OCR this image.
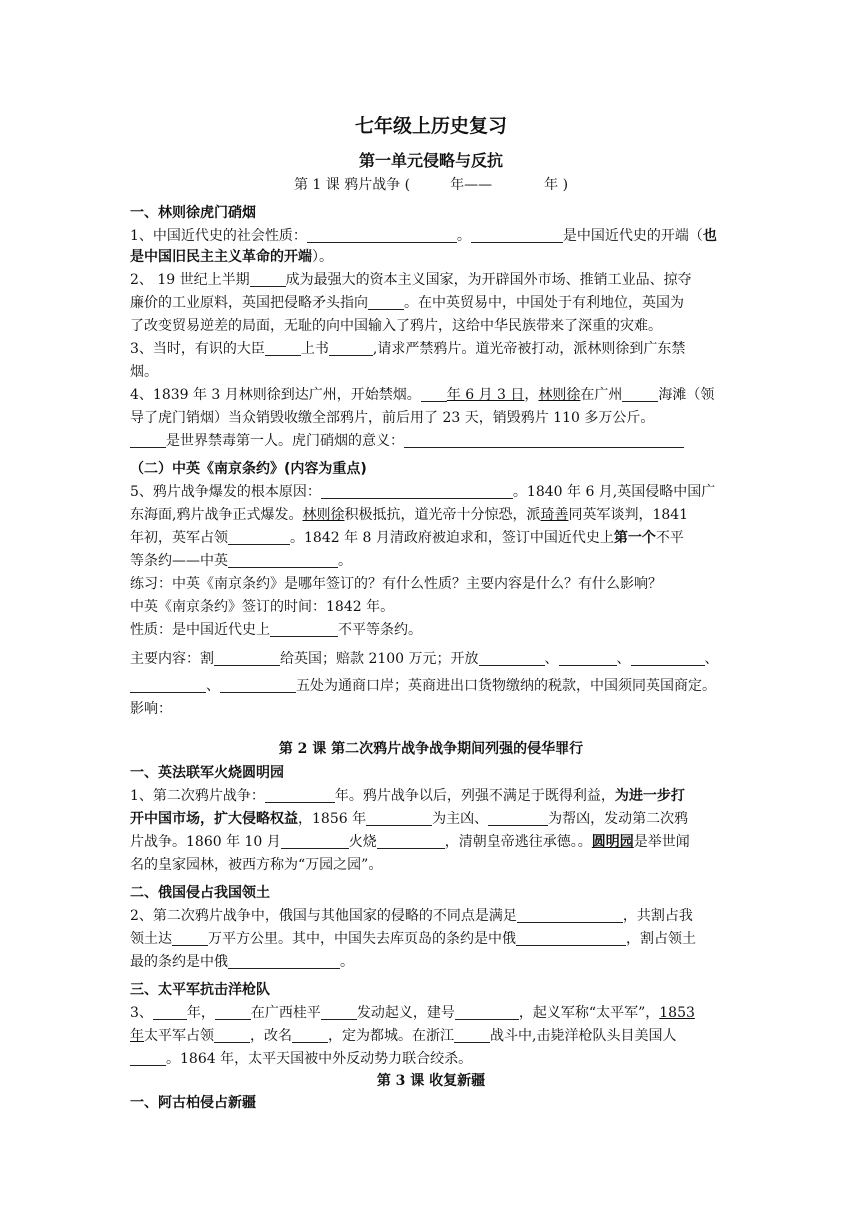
七年级上历史复习
第一单元侵略与反抗
第 1 课 鸦片战争 (	年——	年 )
一、林则徐虎门硝烟
1、中国近代史的社会性质：	。	是中国近代史的开端（也
是中国旧民主主义革命的开端）。
2、 19 世纪上半期	成为最强大的资本主义国家，为开辟国外市场、推销工业品、掠夺
廉价的工业原料，英国把侵略矛头指向	。在中英贸易中，中国处于有利地位，英国为
了改变贸易逆差的局面，无耻的向中国输入了鸦片，这给中华民族带来了深重的灾难。
3、当时，有识的大臣	上书	,请求严禁鸦片。道光帝被打动，派林则徐到广东禁
烟。
4、1839 年 3 月林则徐到达广州，开始禁烟。 年 6 月 3 日，林则徐在广州	海滩（领
导了虎门销烟）当众销毁收缴全部鸦片，前后用了 23 天，销毁鸦片 110 多万公斤。
是世界禁毒第一人。虎门硝烟的意义：
（二）中英《南京条约》(内容为重点)
5、鸦片战争爆发的根本原因：	。1840 年 6 月,英国侵略中国广
东海面,鸦片战争正式爆发。林则徐积极抵抗，道光帝十分惊恐，派琦善同英军谈判，1841
年初，英军占领	。1842 年 8 月清政府被迫求和，签订中国近代史上第一个不平
等条约——中英	。
练习：中英《南京条约》是哪年签订的？有什么性质？主要内容是什么？有什么影响？
中英《南京条约》签订的时间：1842 年。
性质：是中国近代史上	不平等条约。
主要内容：割	给英国；赔款 2100 万元；开放	、	、	、
、	五处为通商口岸；英商进出口货物缴纳的税款，中国须同英国商定。
影响：
第 2 课 第二次鸦片战争战争期间列强的侵华罪行
一、英法联军火烧圆明园
1、第二次鸦片战争：	年。鸦片战争以后，列强不满足于既得利益，为进一步打
开中国市场，扩大侵略权益，1856 年	为主凶、	为帮凶，发动第二次鸦
片战争。1860 年 10 月	火烧	，清朝皇帝逃往承德。。圆明园是举世闻
名的皇家园林，被西方称为“万园之园”。
二、俄国侵占我国领土
2、第二次鸦片战争中，俄国与其他国家的侵略的不同点是满足	，共割占我
领土达	万平方公里。其中，中国失去库页岛的条约是中俄	，割占领土
最的条约是中俄	。
三、太平军抗击洋枪队
3、 年，	在广西桂平	发动起义，建号	，起义军称“太平军”，1853
年太平军占领	，改名	，定为都城。在浙江	战斗中,击毙洋枪队头目美国人
。1864 年，太平天国被中外反动势力联合绞杀。
第 3 课 收复新疆
一、阿古柏侵占新疆
